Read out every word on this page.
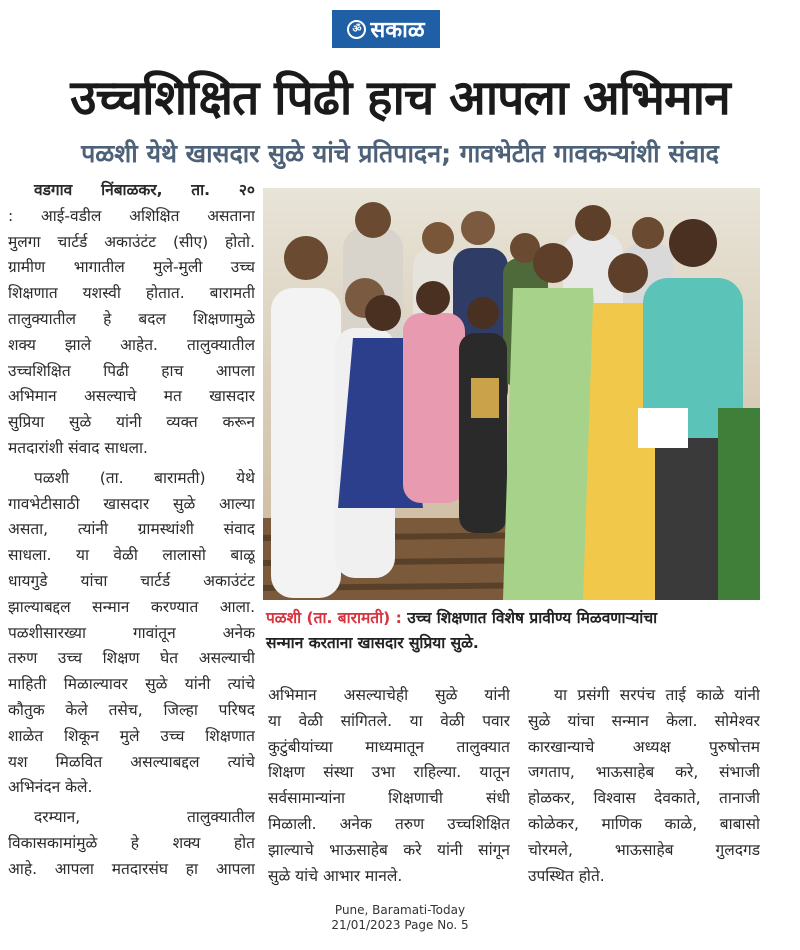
ॐ सकाळ
उच्चशिक्षित पिढी हाच आपला अभिमान
पळशी येथे खासदार सुळे यांचे प्रतिपादन; गावभेटीत गावकऱ्यांशी संवाद
वडगाव निंबाळकर, ता. २०
: आई-वडील अशिक्षित असताना
मुलगा चार्टर्ड अकाउंटंट (सीए) होतो.
ग्रामीण भागातील मुले-मुली उच्च
शिक्षणात यशस्वी होतात. बारामती
तालुक्यातील हे बदल शिक्षणामुळे
शक्य झाले आहेत. तालुक्यातील
उच्चशिक्षित पिढी हाच आपला
अभिमान असल्याचे मत खासदार
सुप्रिया सुळे यांनी व्यक्त करून
मतदारांशी संवाद साधला.
पळशी (ता. बारामती) येथे
गावभेटीसाठी खासदार सुळे आल्या
असता, त्यांनी ग्रामस्थांशी संवाद
साधला. या वेळी लालासो बाळू
धायगुडे यांचा चार्टर्ड अकाउंटंट
झाल्याबद्दल सन्मान करण्यात आला.
पळशीसारख्या गावांतून अनेक
तरुण उच्च शिक्षण घेत असल्याची
माहिती मिळाल्यावर सुळे यांनी त्यांचे
कौतुक केले तसेच, जिल्हा परिषद
शाळेत शिकून मुले उच्च शिक्षणात
यश मिळवित असल्याबद्दल त्यांचे
अभिनंदन केले.
दरम्यान, तालुक्यातील
विकासकामांमुळे हे शक्य होत
आहे. आपला मतदारसंघ हा आपला
पळशी (ता. बारामती) : उच्च शिक्षणात विशेष प्रावीण्य मिळवणाऱ्यांचा
सन्मान करताना खासदार सुप्रिया सुळे.
अभिमान असल्याचेही सुळे यांनी
या वेळी सांगितले. या वेळी पवार
कुटुंबीयांच्या माध्यमातून तालुक्यात
शिक्षण संस्था उभा राहिल्या. यातून
सर्वसामान्यांना शिक्षणाची संधी
मिळाली. अनेक तरुण उच्चशिक्षित
झाल्याचे भाऊसाहेब करे यांनी सांगून
सुळे यांचे आभार मानले.
या प्रसंगी सरपंच ताई काळे यांनी
सुळे यांचा सन्मान केला. सोमेश्वर
कारखान्याचे अध्यक्ष पुरुषोत्तम
जगताप, भाऊसाहेब करे, संभाजी
होळकर, विश्वास देवकाते, तानाजी
कोळेकर, माणिक काळे, बाबासो
चोरमले, भाऊसाहेब गुलदगड
उपस्थित होते.
Pune, Baramati-Today
21/01/2023 Page No. 5
